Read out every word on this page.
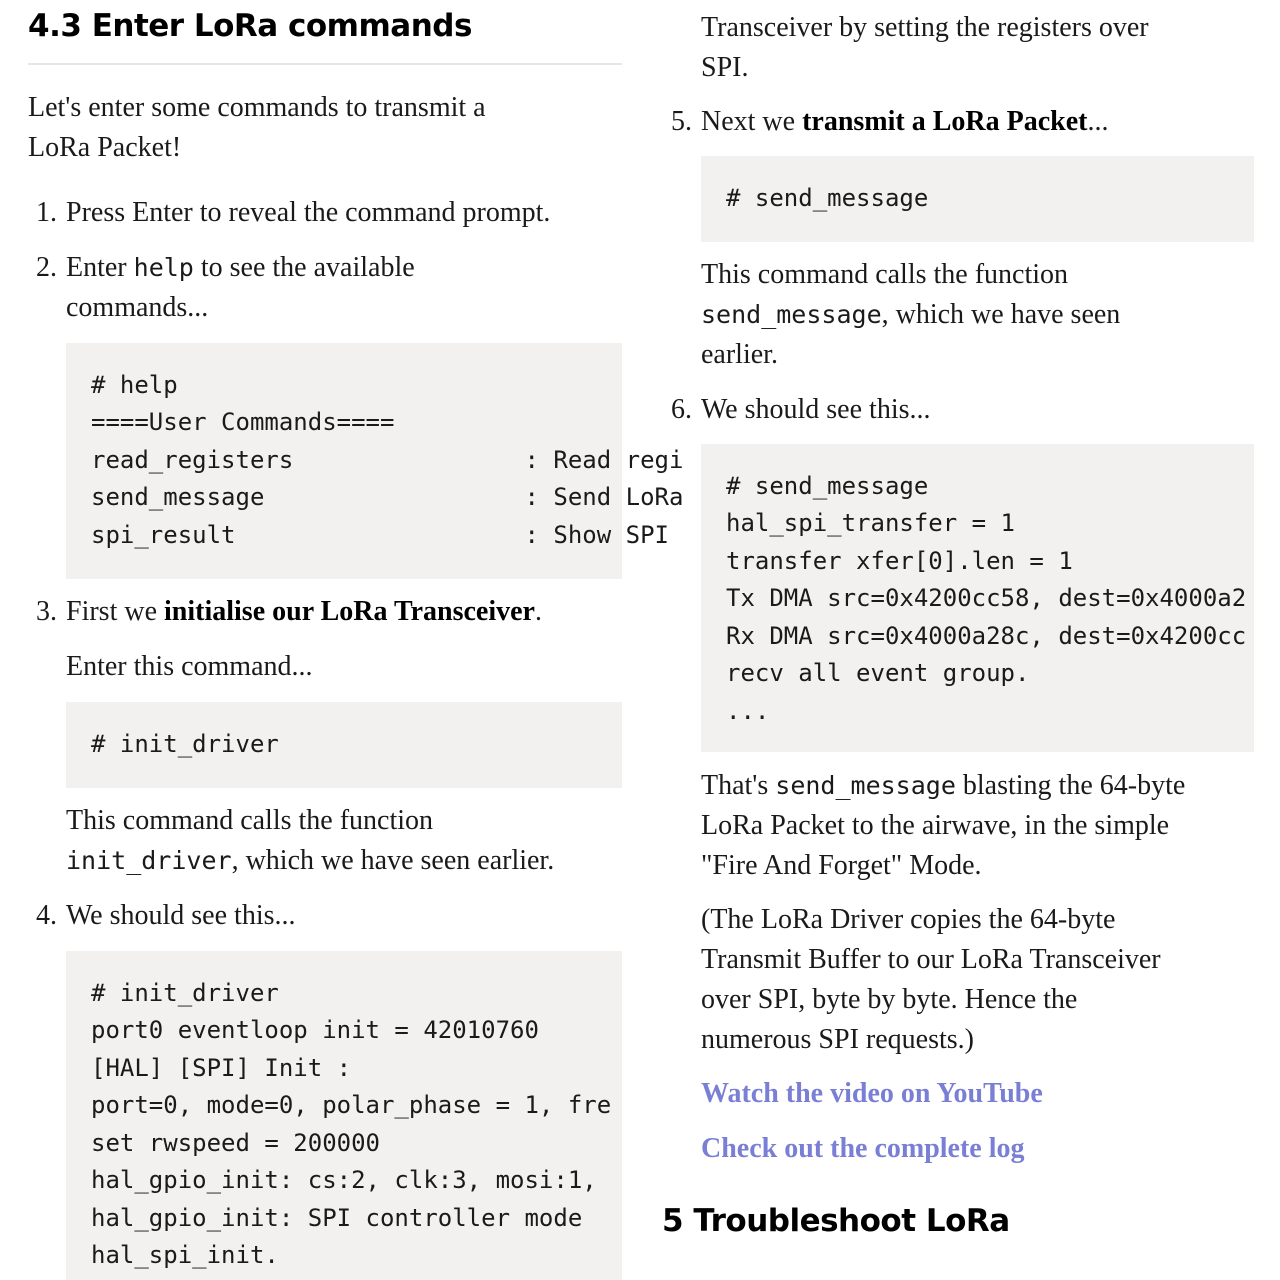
4.3 Enter LoRa commands

Let's enter some commands to transmit a

LoRa Packet!

1. Press Enter to reveal the command prompt.

2. Enter help to see the available

commands...

# help
====User Commands====
read_registers                : Read regi
send_message                  : Send LoRa
spi_result                    : Show SPI
3. First we initialise our LoRa Transceiver.

Enter this command...

# init_driver

This command calls the function

init_driver, which we have seen earlier.

4. We should see this...

# init_driver
port0 eventloop init = 42010760
[HAL] [SPI] Init :
port=0, mode=0, polar_phase = 1, fre
set rwspeed = 200000
hal_gpio_init: cs:2, clk:3, mosi:1,
hal_gpio_init: SPI controller mode
hal_spi_init.

Transceiver by setting the registers over

SPI.

5. Next we transmit a LoRa Packet...

# send_message

This command calls the function

send_message, which we have seen

earlier.

6. We should see this...

# send_message
hal_spi_transfer = 1
transfer xfer[0].len = 1
Tx DMA src=0x4200cc58, dest=0x4000a2
Rx DMA src=0x4000a28c, dest=0x4200cc
recv all event group.
...

That's send_message blasting the 64-byte

LoRa Packet to the airwave, in the simple

"Fire And Forget" Mode.

(The LoRa Driver copies the 64-byte

Transmit Buffer to our LoRa Transceiver

over SPI, byte by byte. Hence the

numerous SPI requests.)

Watch the video on YouTube
Check out the complete log
5 Troubleshoot LoRa
